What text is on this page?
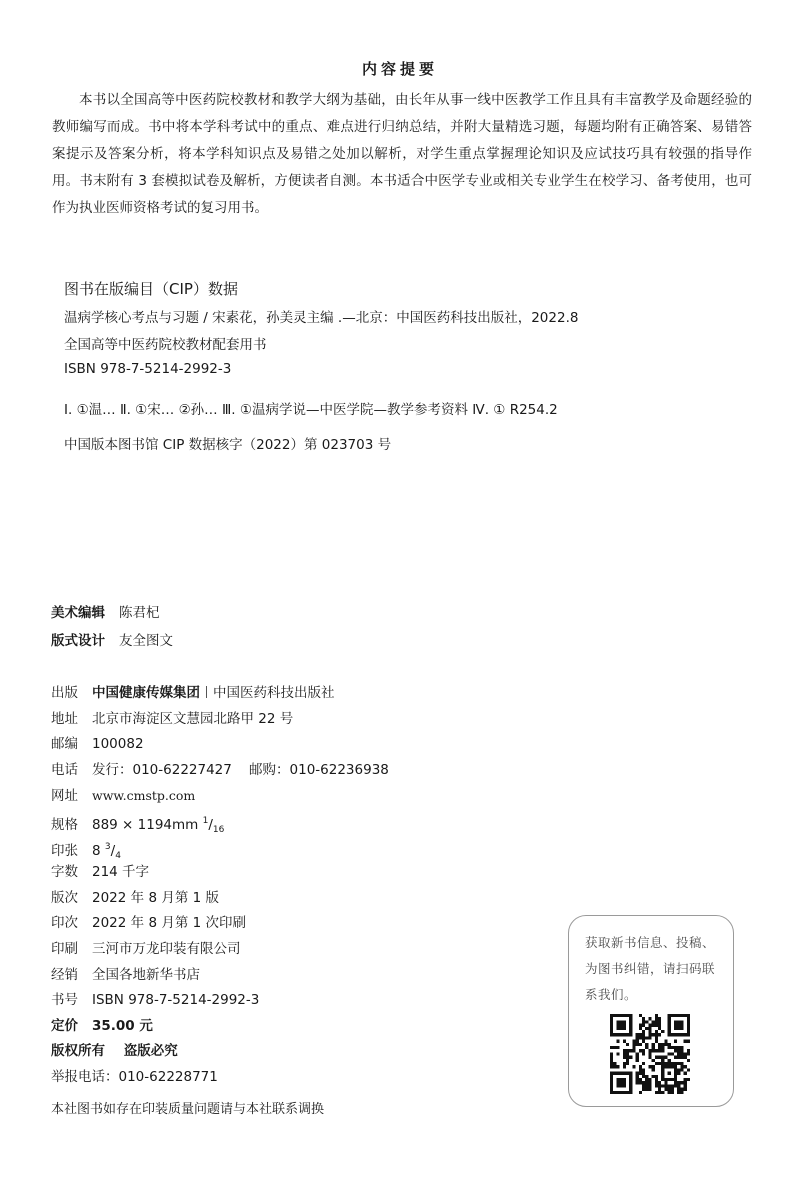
内容提要

本书以全国高等中医药院校教材和教学大纲为基础，由长年从事一线中医教学工作且具有丰富教学及命题经验的教师编写而成。书中将本学科考试中的重点、难点进行归纳总结，并附大量精选习题，每题均附有正确答案、易错答案提示及答案分析，将本学科知识点及易错之处加以解析，对学生重点掌握理论知识及应试技巧具有较强的指导作用。书末附有 3 套模拟试卷及解析，方便读者自测。本书适合中医学专业或相关专业学生在校学习、备考使用，也可作为执业医师资格考试的复习用书。

图书在版编目（CIP）数据

温病学核心考点与习题 / 宋素花，孙美灵主编 .—北京：中国医药科技出版社，2022.8

全国高等中医药院校教材配套用书

ISBN 978-7-5214-2992-3

Ⅰ. ①温… Ⅱ. ①宋… ②孙… Ⅲ. ①温病学说—中医学院—教学参考资料 Ⅳ. ① R254.2

中国版本图书馆 CIP 数据核字（2022）第 023703 号

美术编辑 陈君杞
版式设计 友全图文
出版 中国健康传媒集团 中国医药科技出版社
地址 北京市海淀区文慧园北路甲 22 号
邮编 100082
电话 发行：010-62227427    邮购：010-62236938
网址 www.cmstp.com
规格 889 × 1194mm $^1/_{16}$
印张 8 $^3/_4$
字数 214 千字
版次 2022 年 8 月第 1 版
印次 2022 年 8 月第 1 次印刷
印刷 三河市万龙印装有限公司
经销 全国各地新华书店
书号 ISBN 978-7-5214-2992-3
定价 35.00 元
版权所有    盗版必究
举报电话：010-62228771
本社图书如存在印装质量问题请与本社联系调换

获取新书信息、投稿、为图书纠错，请扫码联系我们。
